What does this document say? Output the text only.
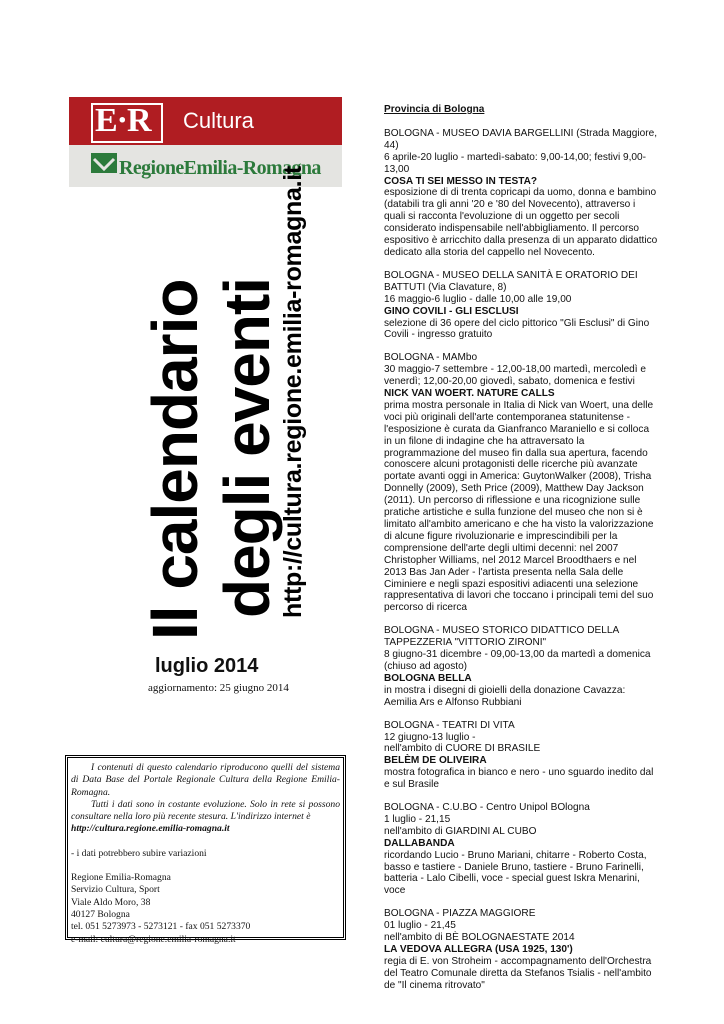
E·R Cultura
RegioneEmilia-Romagna
Il calendario degli eventi
http://cultura.regione.emilia-romagna.it
luglio 2014
aggiornamento: 25 giugno 2014

I contenuti di questo calendario riproducono quelli del sistema di Data Base del Portale Regionale Cultura della Regione Emilia-Romagna.

Tutti i dati sono in costante evoluzione. Solo in rete si possono consultare nella loro più recente stesura. L'indirizzo internet è

http://cultura.regione.emilia-romagna.it

- i dati potrebbero subire variazioni

Regione Emilia-Romagna

Servizio Cultura, Sport

Viale Aldo Moro, 38

40127 Bologna

tel. 051 5273973 - 5273121 - fax 051 5273370

e-mail: cultura@regione.emilia-romagna.it

Provincia di Bologna

BOLOGNA - MUSEO DAVIA BARGELLINI (Strada Maggiore, 44)

6 aprile-20 luglio - martedì-sabato: 9,00-14,00; festivi 9,00-13,00

COSA TI SEI MESSO IN TESTA?

esposizione di di trenta copricapi da uomo, donna e bambino (databili tra gli anni '20 e '80 del Novecento), attraverso i quali si racconta l'evoluzione di un oggetto per secoli considerato indispensabile nell'abbigliamento. Il percorso espositivo è arricchito dalla presenza di un apparato didattico dedicato alla storia del cappello nel Novecento.

BOLOGNA - MUSEO DELLA SANITÀ E ORATORIO DEI BATTUTI (Via Clavature, 8)

16 maggio-6 luglio - dalle 10,00 alle 19,00

GINO COVILI - GLI ESCLUSI

selezione di 36 opere del ciclo pittorico "Gli Esclusi" di Gino Covili - ingresso gratuito

BOLOGNA - MAMbo

30 maggio-7 settembre - 12,00-18,00 martedì, mercoledì e venerdì; 12,00-20,00 giovedì, sabato, domenica e festivi

NICK VAN WOERT. NATURE CALLS

prima mostra personale in Italia di Nick van Woert, una delle voci più originali dell'arte contemporanea statunitense - l'esposizione è curata da Gianfranco Maraniello e si colloca in un filone di indagine che ha attraversato la programmazione del museo fin dalla sua apertura, facendo conoscere alcuni protagonisti delle ricerche più avanzate portate avanti oggi in America: GuytonWalker (2008), Trisha Donnelly (2009), Seth Price (2009), Matthew Day Jackson (2011). Un percorso di riflessione e una ricognizione sulle pratiche artistiche e sulla funzione del museo che non si è limitato all'ambito americano e che ha visto la valorizzazione di alcune figure rivoluzionarie e imprescindibili per la comprensione dell'arte degli ultimi decenni: nel 2007 Christopher Williams, nel 2012 Marcel Broodthaers e nel 2013 Bas Jan Ader - l'artista presenta nella Sala delle Ciminiere e negli spazi espositivi adiacenti una selezione rappresentativa di lavori che toccano i principali temi del suo percorso di ricerca

BOLOGNA - MUSEO STORICO DIDATTICO DELLA TAPPEZZERIA "VITTORIO ZIRONI"

8 giugno-31 dicembre - 09,00-13,00 da martedì a domenica (chiuso ad agosto)

BOLOGNA BELLA

in mostra i disegni di gioielli della donazione Cavazza: Aemilia Ars e Alfonso Rubbiani

BOLOGNA - TEATRI DI VITA

12 giugno-13 luglio -

nell'ambito di CUORE DI BRASILE

BELÈM DE OLIVEIRA

mostra fotografica in bianco e nero - uno sguardo inedito dal e sul Brasile

BOLOGNA - C.U.BO - Centro Unipol BOlogna

1 luglio - 21,15

nell'ambito di GIARDINI AL CUBO

DALLABANDA

ricordando Lucio - Bruno Mariani, chitarre - Roberto Costa, basso e tastiere - Daniele Bruno, tastiere - Bruno Farinelli, batteria - Lalo Cibelli, voce - special guest Iskra Menarini, voce

BOLOGNA - PIAZZA MAGGIORE

01 luglio - 21,45

nell'ambito di BÈ BOLOGNAESTATE 2014

LA VEDOVA ALLEGRA (USA 1925, 130')

regia di E. von Stroheim - accompagnamento dell'Orchestra del Teatro Comunale diretta da Stefanos Tsialis - nell'ambito de "Il cinema ritrovato"
